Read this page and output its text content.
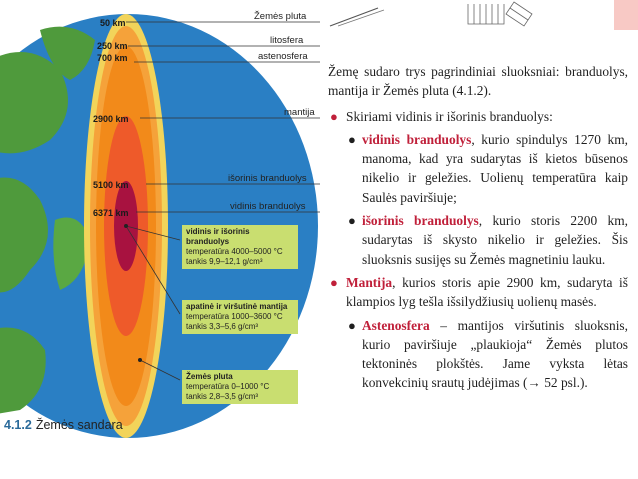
50 km
250 km
700 km
2900 km
5100 km
6371 km
Žemės pluta
litosfera
astenosfera
mantija
išorinis branduolys
vidinis branduolys
vidinis ir išorinis branduolys
temperatūra 4000–5000 °C
tankis 9,9–12,1 g/cm³
apatinė ir viršutinė mantija
temperatūra 1000–3600 °C
tankis 3,3–5,6 g/cm³
Žemės pluta
temperatūra 0–1000 °C
tankis 2,8–3,5 g/cm³
4.1.2 Žemės sandara

Žemę sudaro trys pagrindiniai sluoksniai: branduolys, mantija ir Žemės pluta (4.1.2).

● Skiriami vidinis ir išorinis branduolys:
● vidinis branduolys, kurio spindulys 1270 km, manoma, kad yra sudarytas iš kietos būsenos nikelio ir geležies. Uolienų temperatūra kaip Saulės paviršiuje;
● išorinis branduolys, kurio storis 2200 km, sudarytas iš skysto nikelio ir geležies. Šis sluoksnis susijęs su Žemės magnetiniu lauku.
● Mantija, kurios storis apie 2900 km, sudaryta iš klampios lyg tešla išsilydžiusių uolienų masės.
● Astenosfera – mantijos viršutinis sluoksnis, kurio paviršiuje „plaukioja“ Žemės plutos tektoninės plokštės. Jame vyksta lėtas konvekcinių srautų judėjimas (→ 52 psl.).
